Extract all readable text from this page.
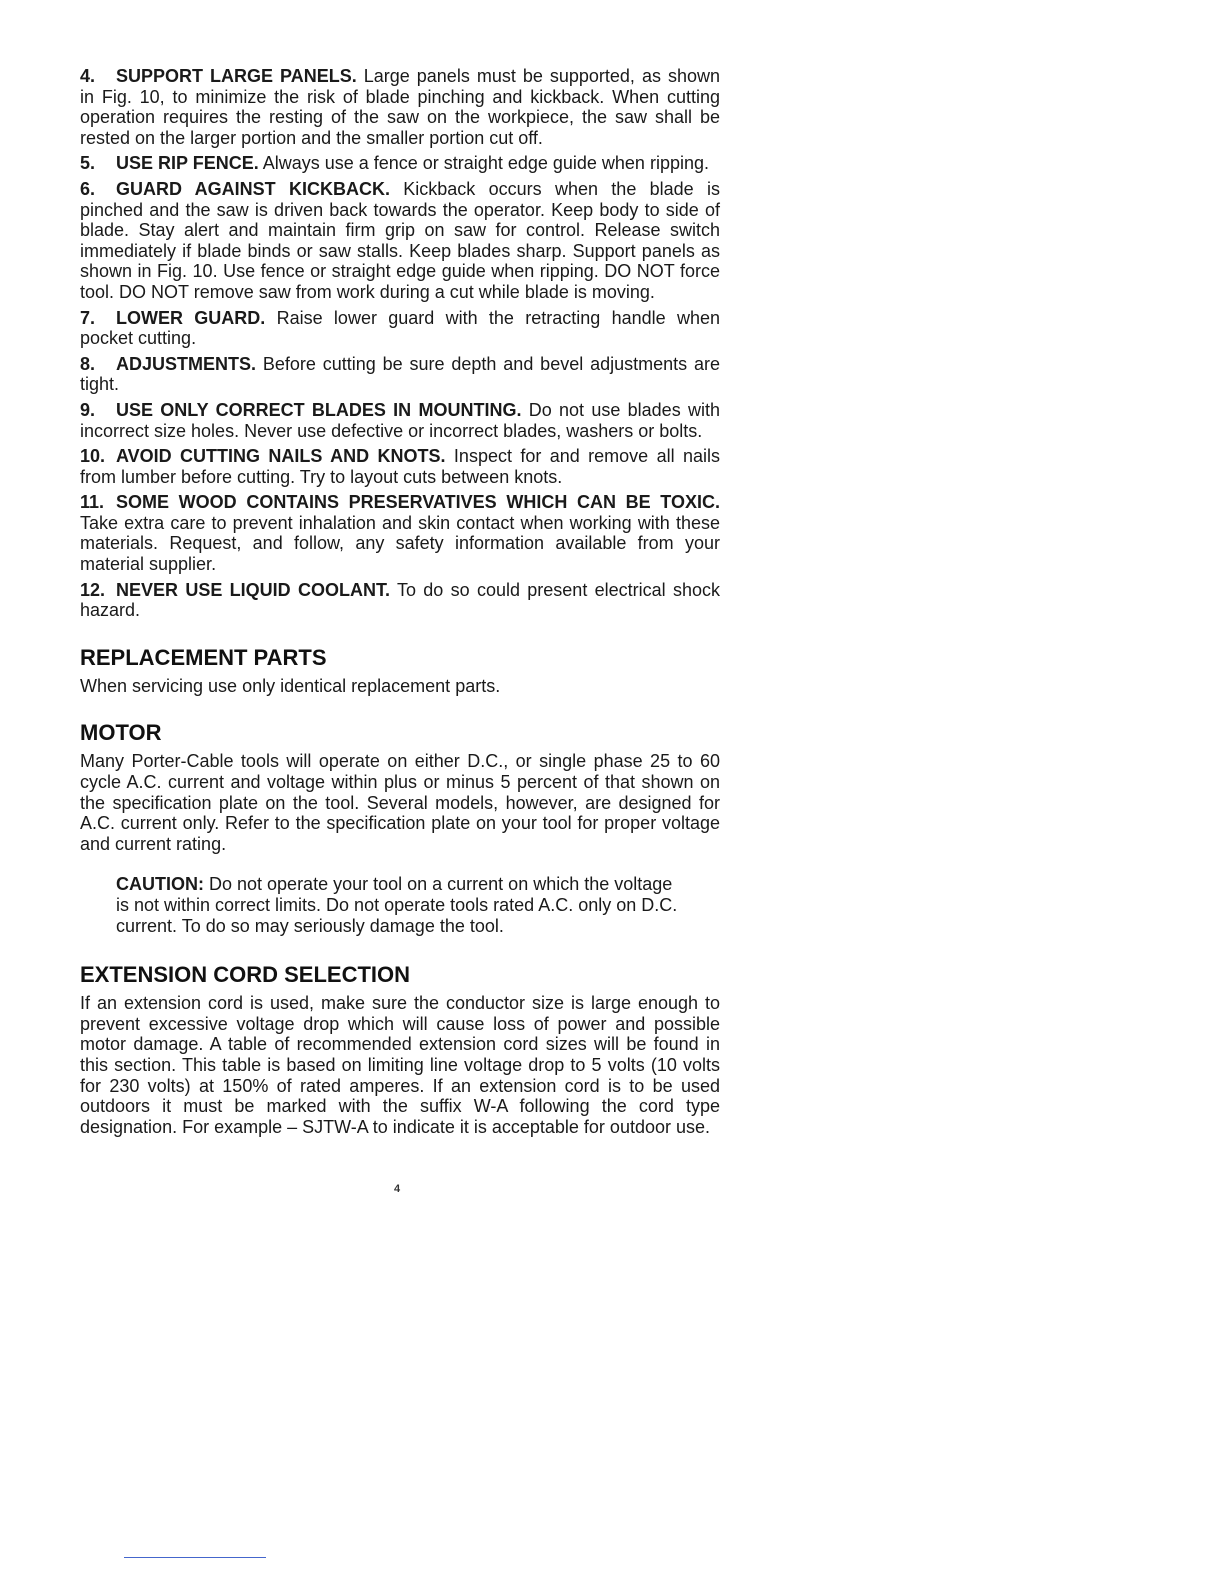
4. SUPPORT LARGE PANELS. Large panels must be supported, as shown in Fig. 10, to minimize the risk of blade pinching and kickback. When cutting operation requires the resting of the saw on the workpiece, the saw shall be rested on the larger portion and the smaller portion cut off.

5. USE RIP FENCE. Always use a fence or straight edge guide when ripping.

6. GUARD AGAINST KICKBACK. Kickback occurs when the blade is pinched and the saw is driven back towards the operator. Keep body to side of blade. Stay alert and maintain firm grip on saw for control. Release switch immediately if blade binds or saw stalls. Keep blades sharp. Support panels as shown in Fig. 10. Use fence or straight edge guide when ripping. DO NOT force tool. DO NOT remove saw from work during a cut while blade is moving.

7. LOWER GUARD. Raise lower guard with the retracting handle when pocket cutting.

8. ADJUSTMENTS. Before cutting be sure depth and bevel adjustments are tight.

9. USE ONLY CORRECT BLADES IN MOUNTING. Do not use blades with incorrect size holes. Never use defective or incorrect blades, washers or bolts.

10. AVOID CUTTING NAILS AND KNOTS. Inspect for and remove all nails from lumber before cutting. Try to layout cuts between knots.

11. SOME WOOD CONTAINS PRESERVATIVES WHICH CAN BE TOXIC. Take extra care to prevent inhalation and skin contact when working with these materials. Request, and follow, any safety information available from your material supplier.

12. NEVER USE LIQUID COOLANT. To do so could present electrical shock hazard.

REPLACEMENT PARTS

When servicing use only identical replacement parts.

MOTOR

Many Porter-Cable tools will operate on either D.C., or single phase 25 to 60 cycle A.C. current and voltage within plus or minus 5 percent of that shown on the specification plate on the tool. Several models, however, are designed for A.C. current only. Refer to the specification plate on your tool for proper voltage and current rating.

CAUTION: Do not operate your tool on a current on which the voltage is not within correct limits. Do not operate tools rated A.C. only on D.C. current. To do so may seriously damage the tool.

EXTENSION CORD SELECTION

If an extension cord is used, make sure the conductor size is large enough to prevent excessive voltage drop which will cause loss of power and possible motor damage. A table of recommended extension cord sizes will be found in this section. This table is based on limiting line voltage drop to 5 volts (10 volts for 230 volts) at 150% of rated amperes. If an extension cord is to be used outdoors it must be marked with the suffix W-A following the cord type designation. For example – SJTW-A to indicate it is acceptable for outdoor use.

4
